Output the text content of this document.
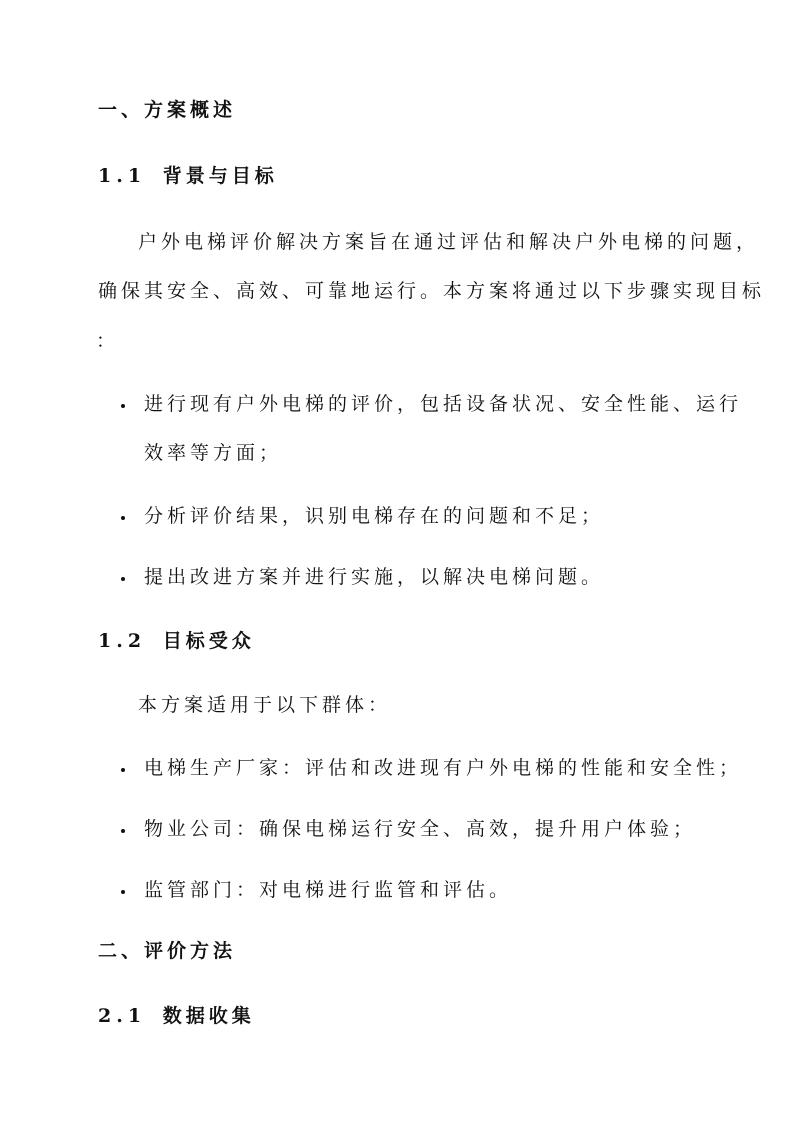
一、方案概述
1.1 背景与目标
户外电梯评价解决方案旨在通过评估和解决户外电梯的问题，
确保其安全、高效、可靠地运行。本方案将通过以下步骤实现目标
：
进行现有户外电梯的评价，包括设备状况、安全性能、运行
效率等方面；
分析评价结果，识别电梯存在的问题和不足；
提出改进方案并进行实施，以解决电梯问题。
1.2 目标受众
本方案适用于以下群体：
电梯生产厂家：评估和改进现有户外电梯的性能和安全性；
物业公司：确保电梯运行安全、高效，提升用户体验；
监管部门：对电梯进行监管和评估。
二、评价方法
2.1 数据收集
